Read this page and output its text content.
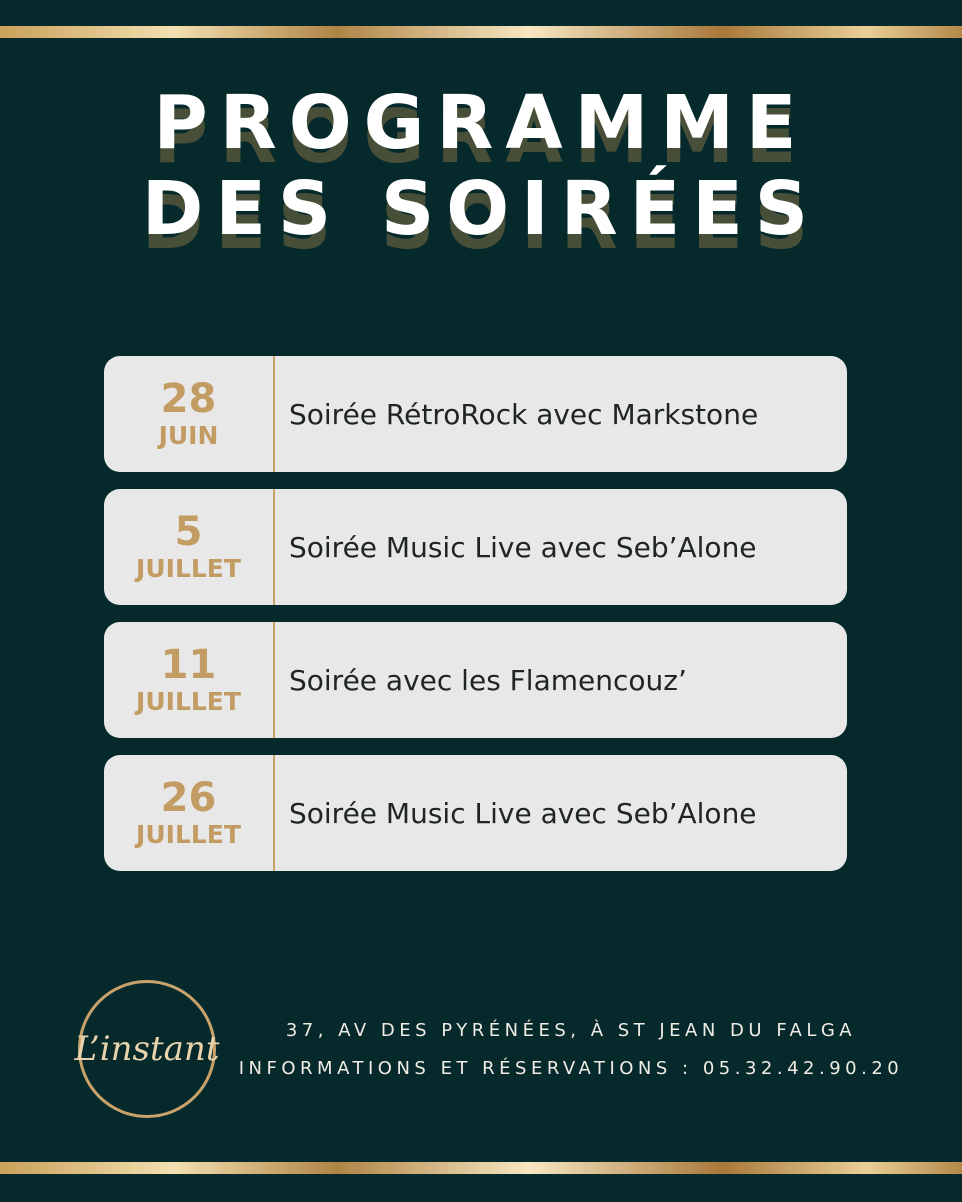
PROGRAMME
DES SOIRÉES
28
JUIN
Soirée RétroRock avec Markstone
5
JUILLET
Soirée Music Live avec Seb’Alone
11
JUILLET
Soirée avec les Flamencouz’
26
JUILLET
Soirée Music Live avec Seb’Alone
L’instant	37, AV DES PYRÉNÉES, À ST JEAN DU FALGA
INFORMATIONS ET RÉSERVATIONS : 05.32.42.90.20
